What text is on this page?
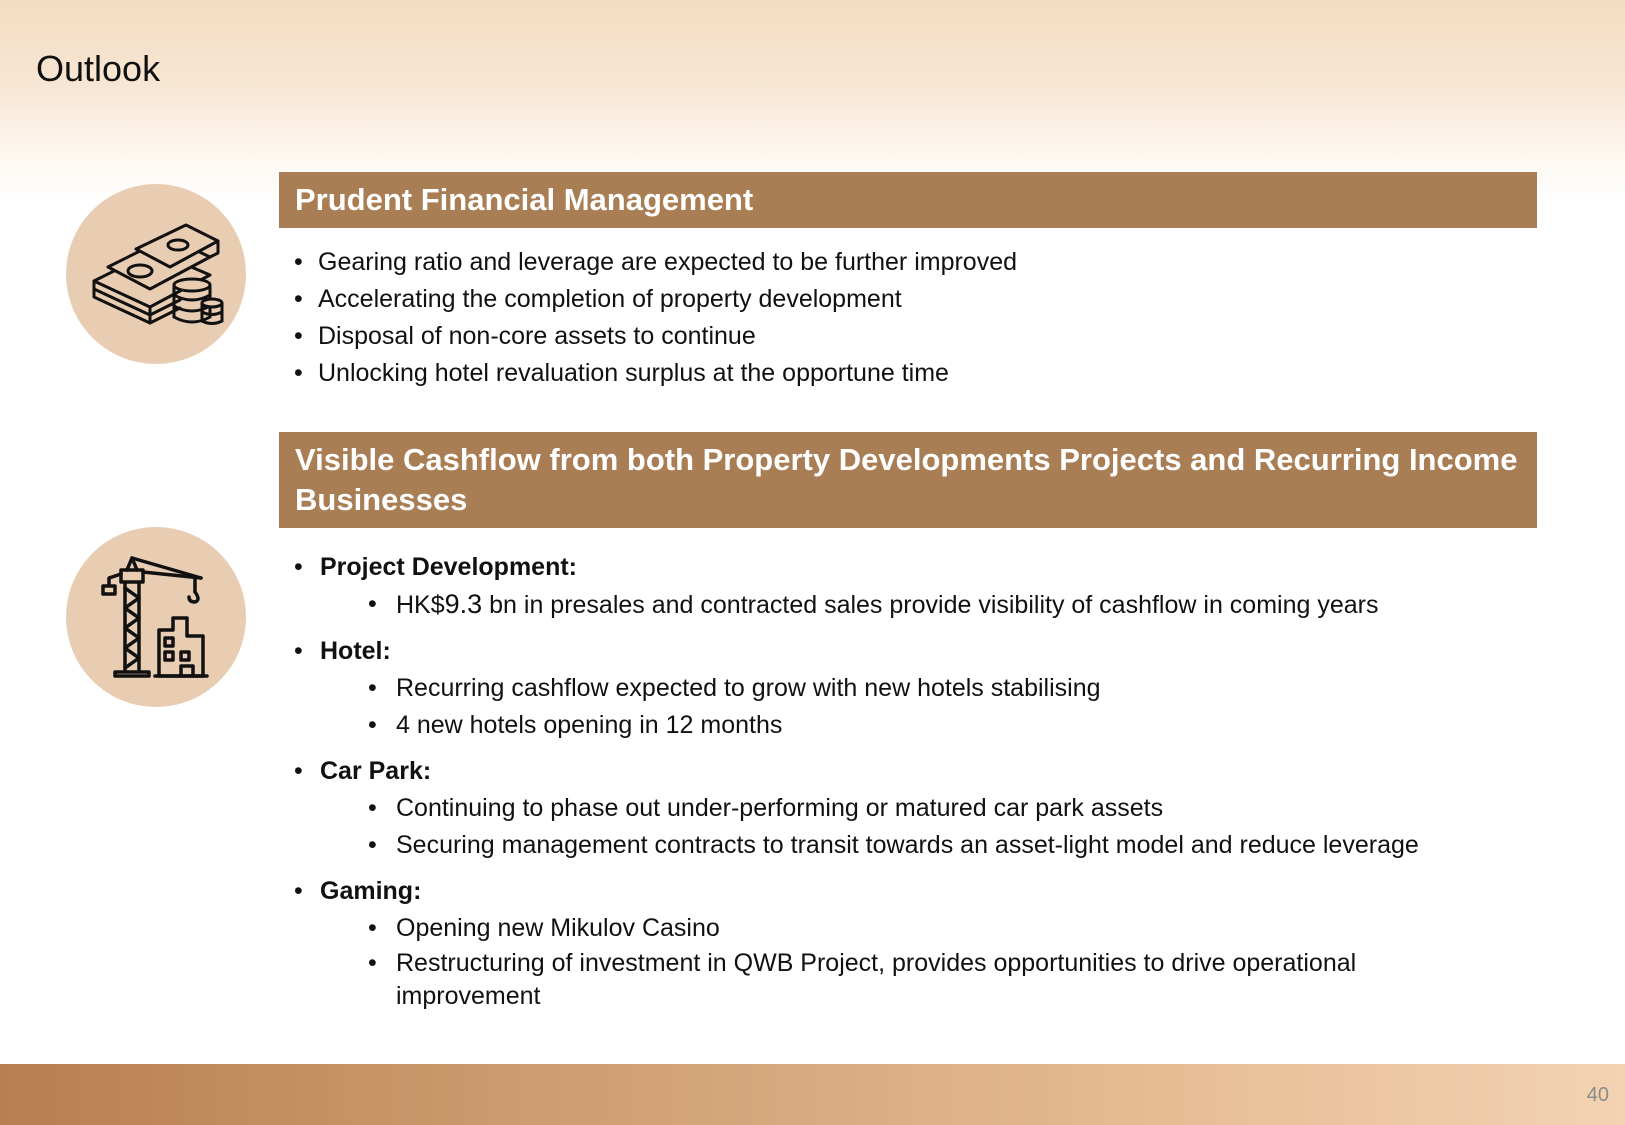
Outlook
Prudent Financial Management
• Gearing ratio and leverage are expected to be further improved
• Accelerating the completion of property development
• Disposal of non-core assets to continue
• Unlocking hotel revaluation surplus at the opportune time
Visible Cashflow from both Property Developments Projects and Recurring Income Businesses
• Project Development:
• HK$9.3 bn in presales and contracted sales provide visibility of cashflow in coming years
• Hotel:
• Recurring cashflow expected to grow with new hotels stabilising
• 4 new hotels opening in 12 months
• Car Park:
• Continuing to phase out under-performing or matured car park assets
• Securing management contracts to transit towards an asset-light model and reduce leverage
• Gaming:
• Opening new Mikulov Casino
• Restructuring of investment in QWB Project, provides opportunities to drive operational improvement
40
